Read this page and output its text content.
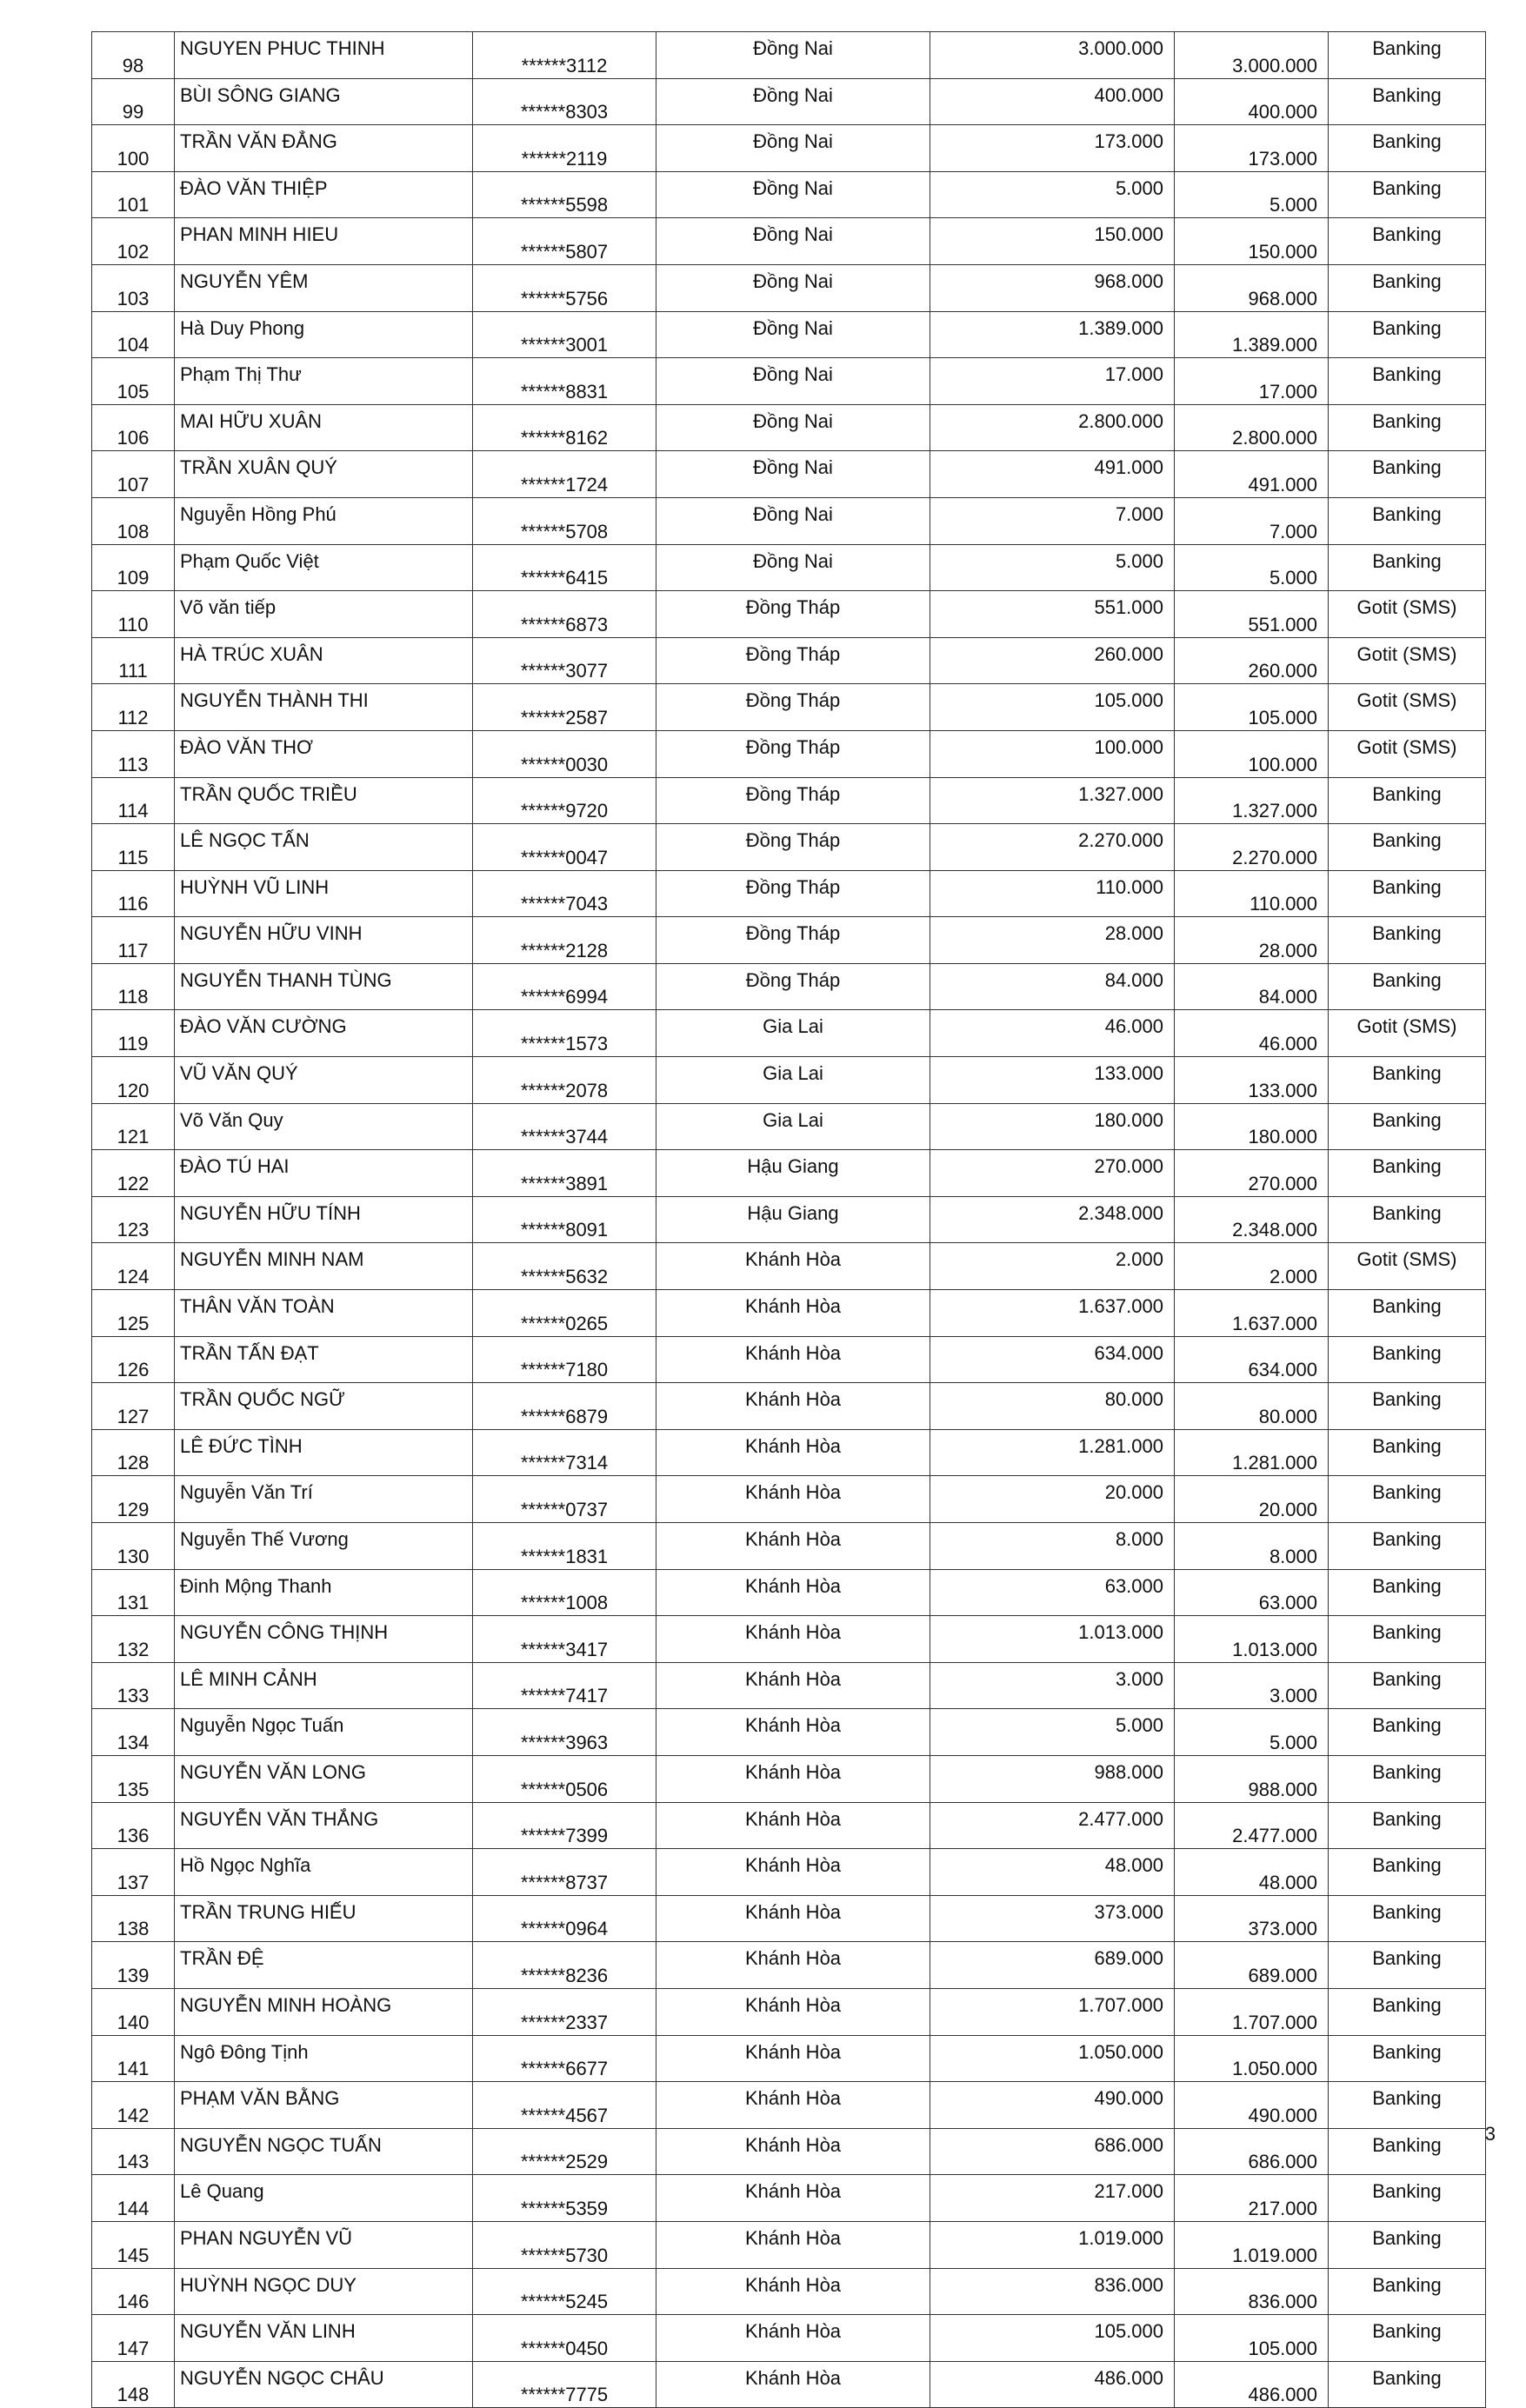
98	NGUYEN PHUC THINH	******3112	Đồng Nai	3.000.000	3.000.000	Banking
99	BÙI SÔNG GIANG	******8303	Đồng Nai	400.000	400.000	Banking
100	TRẦN VĂN ĐẲNG	******2119	Đồng Nai	173.000	173.000	Banking
101	ĐÀO VĂN THIỆP	******5598	Đồng Nai	5.000	5.000	Banking
102	PHAN MINH HIEU	******5807	Đồng Nai	150.000	150.000	Banking
103	NGUYỄN YÊM	******5756	Đồng Nai	968.000	968.000	Banking
104	Hà Duy Phong	******3001	Đồng Nai	1.389.000	1.389.000	Banking
105	Phạm Thị Thư	******8831	Đồng Nai	17.000	17.000	Banking
106	MAI HỮU XUÂN	******8162	Đồng Nai	2.800.000	2.800.000	Banking
107	TRẦN XUÂN QUÝ	******1724	Đồng Nai	491.000	491.000	Banking
108	Nguyễn Hồng Phú	******5708	Đồng Nai	7.000	7.000	Banking
109	Phạm Quốc Việt	******6415	Đồng Nai	5.000	5.000	Banking
110	Võ văn tiếp	******6873	Đồng Tháp	551.000	551.000	Gotit (SMS)
111	HÀ TRÚC XUÂN	******3077	Đồng Tháp	260.000	260.000	Gotit (SMS)
112	NGUYỄN THÀNH THI	******2587	Đồng Tháp	105.000	105.000	Gotit (SMS)
113	ĐÀO VĂN THƠ	******0030	Đồng Tháp	100.000	100.000	Gotit (SMS)
114	TRẦN QUỐC TRIỀU	******9720	Đồng Tháp	1.327.000	1.327.000	Banking
115	LÊ NGỌC TẤN	******0047	Đồng Tháp	2.270.000	2.270.000	Banking
116	HUỲNH VŨ LINH	******7043	Đồng Tháp	110.000	110.000	Banking
117	NGUYỄN HỮU VINH	******2128	Đồng Tháp	28.000	28.000	Banking
118	NGUYỄN THANH TÙNG	******6994	Đồng Tháp	84.000	84.000	Banking
119	ĐÀO VĂN CƯỜNG	******1573	Gia Lai	46.000	46.000	Gotit (SMS)
120	VŨ VĂN QUÝ	******2078	Gia Lai	133.000	133.000	Banking
121	Võ Văn Quy	******3744	Gia Lai	180.000	180.000	Banking
122	ĐÀO TÚ HAI	******3891	Hậu Giang	270.000	270.000	Banking
123	NGUYỄN HỮU TÍNH	******8091	Hậu Giang	2.348.000	2.348.000	Banking
124	NGUYỄN MINH NAM	******5632	Khánh Hòa	2.000	2.000	Gotit (SMS)
125	THÂN VĂN TOÀN	******0265	Khánh Hòa	1.637.000	1.637.000	Banking
126	TRẦN TẤN ĐẠT	******7180	Khánh Hòa	634.000	634.000	Banking
127	TRẦN QUỐC NGỮ	******6879	Khánh Hòa	80.000	80.000	Banking
128	LÊ ĐỨC TÌNH	******7314	Khánh Hòa	1.281.000	1.281.000	Banking
129	Nguyễn Văn Trí	******0737	Khánh Hòa	20.000	20.000	Banking
130	Nguyễn Thế Vương	******1831	Khánh Hòa	8.000	8.000	Banking
131	Đinh Mộng Thanh	******1008	Khánh Hòa	63.000	63.000	Banking
132	NGUYỄN CÔNG THỊNH	******3417	Khánh Hòa	1.013.000	1.013.000	Banking
133	LÊ MINH CẢNH	******7417	Khánh Hòa	3.000	3.000	Banking
134	Nguyễn Ngọc Tuấn	******3963	Khánh Hòa	5.000	5.000	Banking
135	NGUYỄN VĂN LONG	******0506	Khánh Hòa	988.000	988.000	Banking
136	NGUYỄN VĂN THẮNG	******7399	Khánh Hòa	2.477.000	2.477.000	Banking
137	Hồ Ngọc Nghĩa	******8737	Khánh Hòa	48.000	48.000	Banking
138	TRẦN TRUNG HIẾU	******0964	Khánh Hòa	373.000	373.000	Banking
139	TRẦN ĐỆ	******8236	Khánh Hòa	689.000	689.000	Banking
140	NGUYỄN MINH HOÀNG	******2337	Khánh Hòa	1.707.000	1.707.000	Banking
141	Ngô Đông Tịnh	******6677	Khánh Hòa	1.050.000	1.050.000	Banking
142	PHẠM VĂN BẰNG	******4567	Khánh Hòa	490.000	490.000	Banking
143	NGUYỄN NGỌC TUẤN	******2529	Khánh Hòa	686.000	686.000	Banking
144	Lê Quang	******5359	Khánh Hòa	217.000	217.000	Banking
145	PHAN NGUYỄN VŨ	******5730	Khánh Hòa	1.019.000	1.019.000	Banking
146	HUỲNH NGỌC DUY	******5245	Khánh Hòa	836.000	836.000	Banking
147	NGUYỄN VĂN LINH	******0450	Khánh Hòa	105.000	105.000	Banking
148	NGUYỄN NGỌC CHÂU	******7775	Khánh Hòa	486.000	486.000	Banking
3
